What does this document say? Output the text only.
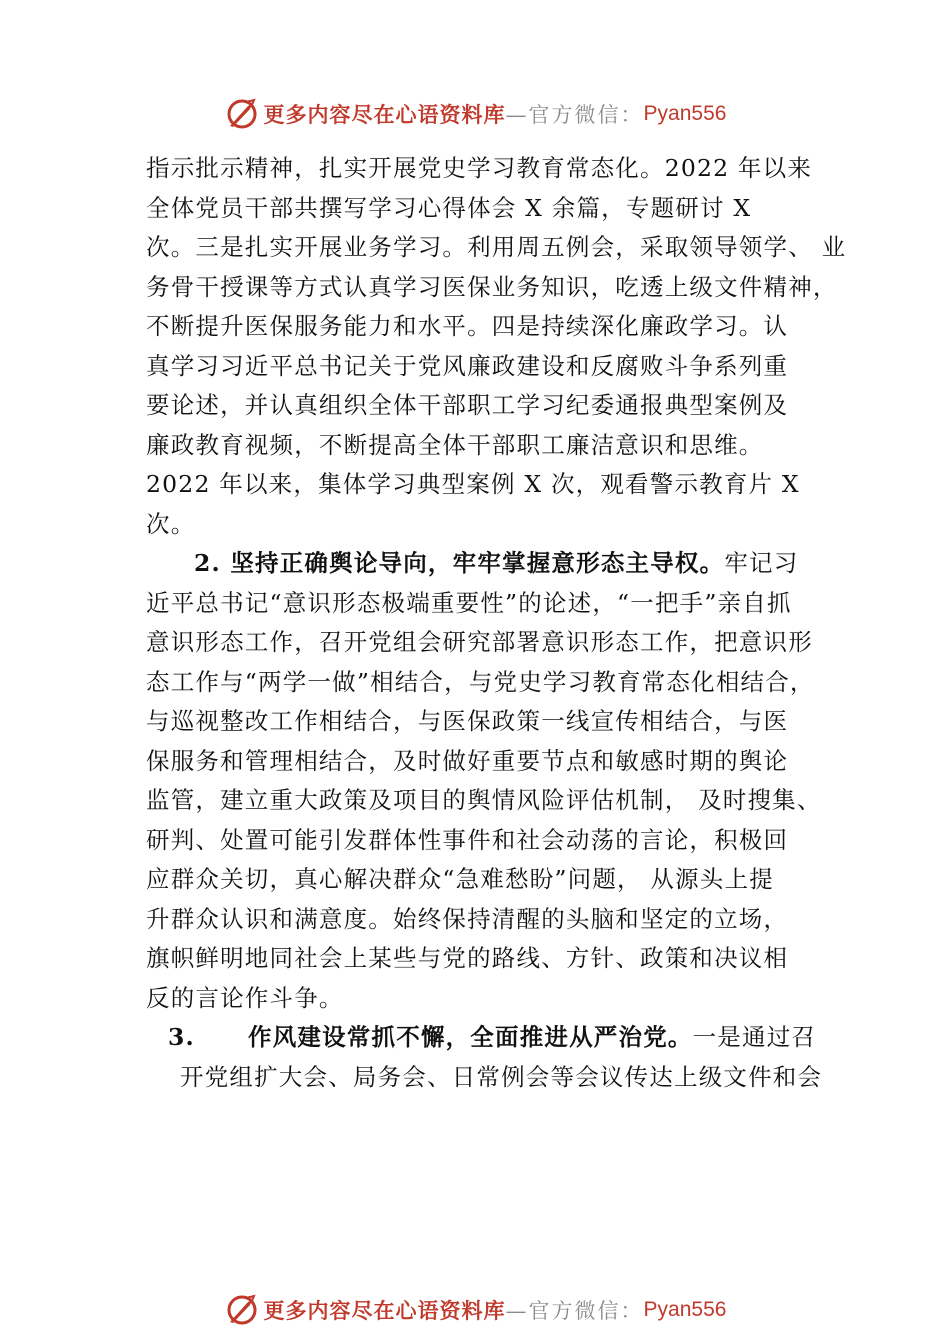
更多内容尽在心语资料库 —官方微信： Pyan556
指示批示精神，扎实开展党史学习教育常态化。2022 年以来
全体党员干部共撰写学习心得体会 X 余篇，专题研讨 X
次。三是扎实开展业务学习。利用周五例会，采取领导领学、 业
务骨干授课等方式认真学习医保业务知识，吃透上级文件精神，
不断提升医保服务能力和水平。四是持续深化廉政学习。认
真学习习近平总书记关于党风廉政建设和反腐败斗争系列重
要论述，并认真组织全体干部职工学习纪委通报典型案例及
廉政教育视频，不断提高全体干部职工廉洁意识和思维。
2022 年以来，集体学习典型案例 X 次，观看警示教育片 X
次。
2. 坚持正确舆论导向，牢牢掌握意形态主导权。牢记习
近平总书记“意识形态极端重要性”的论述，“一把手”亲自抓
意识形态工作，召开党组会研究部署意识形态工作，把意识形
态工作与“两学一做”相结合，与党史学习教育常态化相结合，
与巡视整改工作相结合，与医保政策一线宣传相结合，与医
保服务和管理相结合，及时做好重要节点和敏感时期的舆论
监管，建立重大政策及项目的舆情风险评估机制， 及时搜集、
研判、处置可能引发群体性事件和社会动荡的言论，积极回
应群众关切，真心解决群众“急难愁盼”问题， 从源头上提
升群众认识和满意度。始终保持清醒的头脑和坚定的立场，
旗帜鲜明地同社会上某些与党的路线、方针、政策和决议相
反的言论作斗争。
3. 作风建设常抓不懈，全面推进从严治党。一是通过召
开党组扩大会、局务会、日常例会等会议传达上级文件和会
更多内容尽在心语资料库 —官方微信： Pyan556
